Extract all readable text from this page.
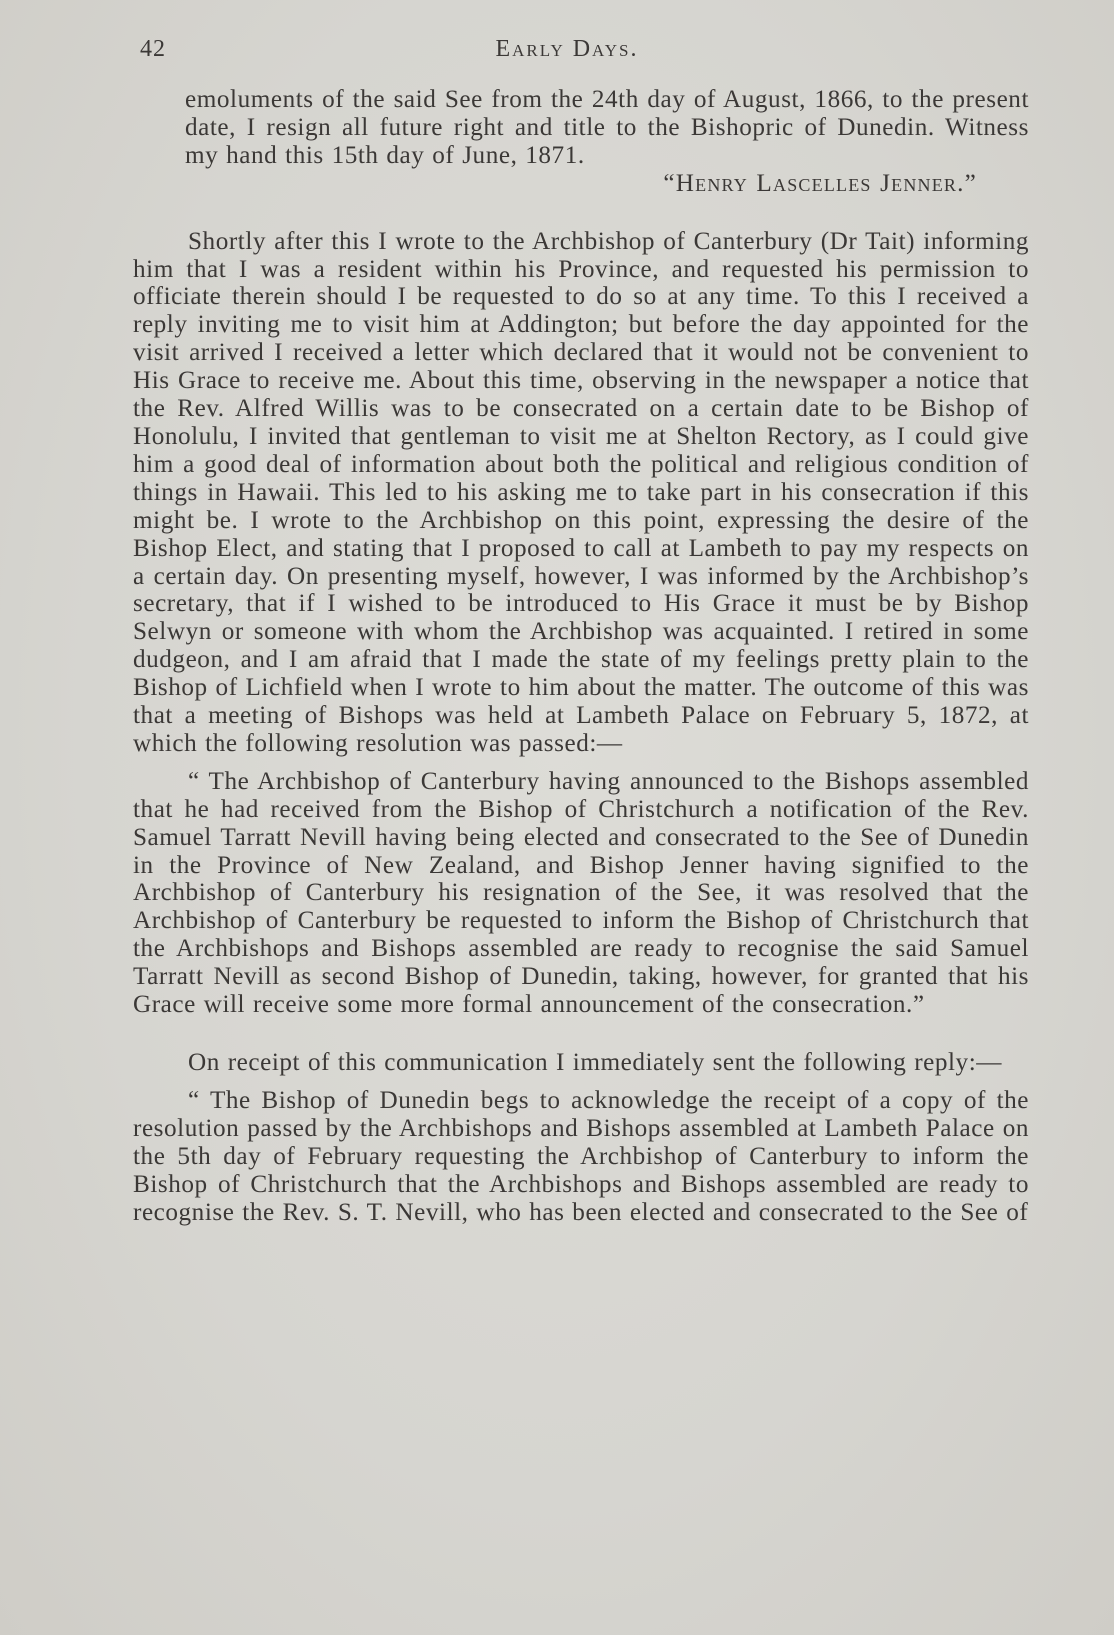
42	Early Days.

emoluments of the said See from the 24th day of August, 1866, to the present date, I resign all future right and title to the Bishopric of Dunedin. Witness my hand this 15th day of June, 1871.

“Henry Lascelles Jenner.”

Shortly after this I wrote to the Archbishop of Canterbury (Dr Tait) informing him that I was a resident within his Province, and requested his permission to officiate therein should I be requested to do so at any time. To this I received a reply inviting me to visit him at Addington; but before the day appointed for the visit arrived I received a letter which declared that it would not be convenient to His Grace to receive me. About this time, observing in the newspaper a notice that the Rev. Alfred Willis was to be consecrated on a certain date to be Bishop of Honolulu, I invited that gentleman to visit me at Shelton Rectory, as I could give him a good deal of information about both the political and religious condition of things in Hawaii. This led to his asking me to take part in his consecration if this might be. I wrote to the Archbishop on this point, expressing the desire of the Bishop Elect, and stating that I proposed to call at Lambeth to pay my respects on a certain day. On presenting myself, however, I was informed by the Archbishop’s secretary, that if I wished to be introduced to His Grace it must be by Bishop Selwyn or someone with whom the Archbishop was acquainted. I retired in some dudgeon, and I am afraid that I made the state of my feelings pretty plain to the Bishop of Lichfield when I wrote to him about the matter. The outcome of this was that a meeting of Bishops was held at Lambeth Palace on February 5, 1872, at which the following resolution was passed:—

“ The Archbishop of Canterbury having announced to the Bishops assembled that he had received from the Bishop of Christchurch a notification of the Rev. Samuel Tarratt Nevill having being elected and consecrated to the See of Dunedin in the Province of New Zealand, and Bishop Jenner having signified to the Archbishop of Canterbury his resignation of the See, it was resolved that the Archbishop of Canterbury be requested to inform the Bishop of Christchurch that the Archbishops and Bishops assembled are ready to recognise the said Samuel Tarratt Nevill as second Bishop of Dunedin, taking, however, for granted that his Grace will receive some more formal announcement of the consecration.”

On receipt of this communication I immediately sent the following reply:—

“ The Bishop of Dunedin begs to acknowledge the receipt of a copy of the resolution passed by the Archbishops and Bishops assembled at Lambeth Palace on the 5th day of February requesting the Archbishop of Canterbury to inform the Bishop of Christchurch that the Archbishops and Bishops assembled are ready to recognise the Rev. S. T. Nevill, who has been elected and consecrated to the See of
